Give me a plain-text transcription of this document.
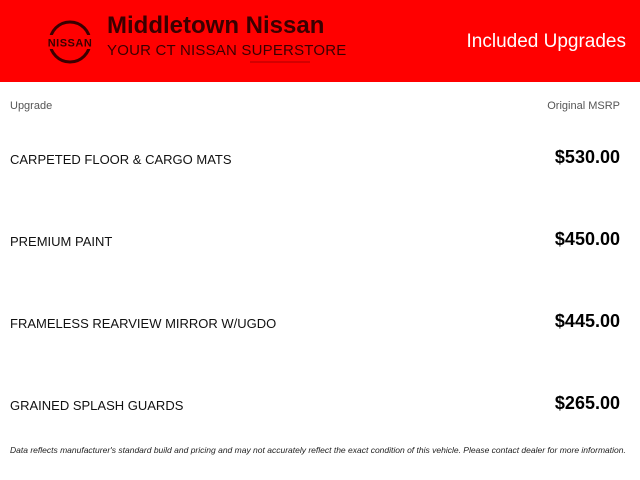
NISSAN
Middletown Nissan
YOUR CT NISSAN SUPERSTORE	Included Upgrades
Upgrade	Original MSRP
CARPETED FLOOR & CARGO MATS	$530.00
PREMIUM PAINT	$450.00
FRAMELESS REARVIEW MIRROR W/UGDO	$445.00
GRAINED SPLASH GUARDS	$265.00
Data reflects manufacturer's standard build and pricing and may not accurately reflect the exact condition of this vehicle. Please contact dealer for more information.
